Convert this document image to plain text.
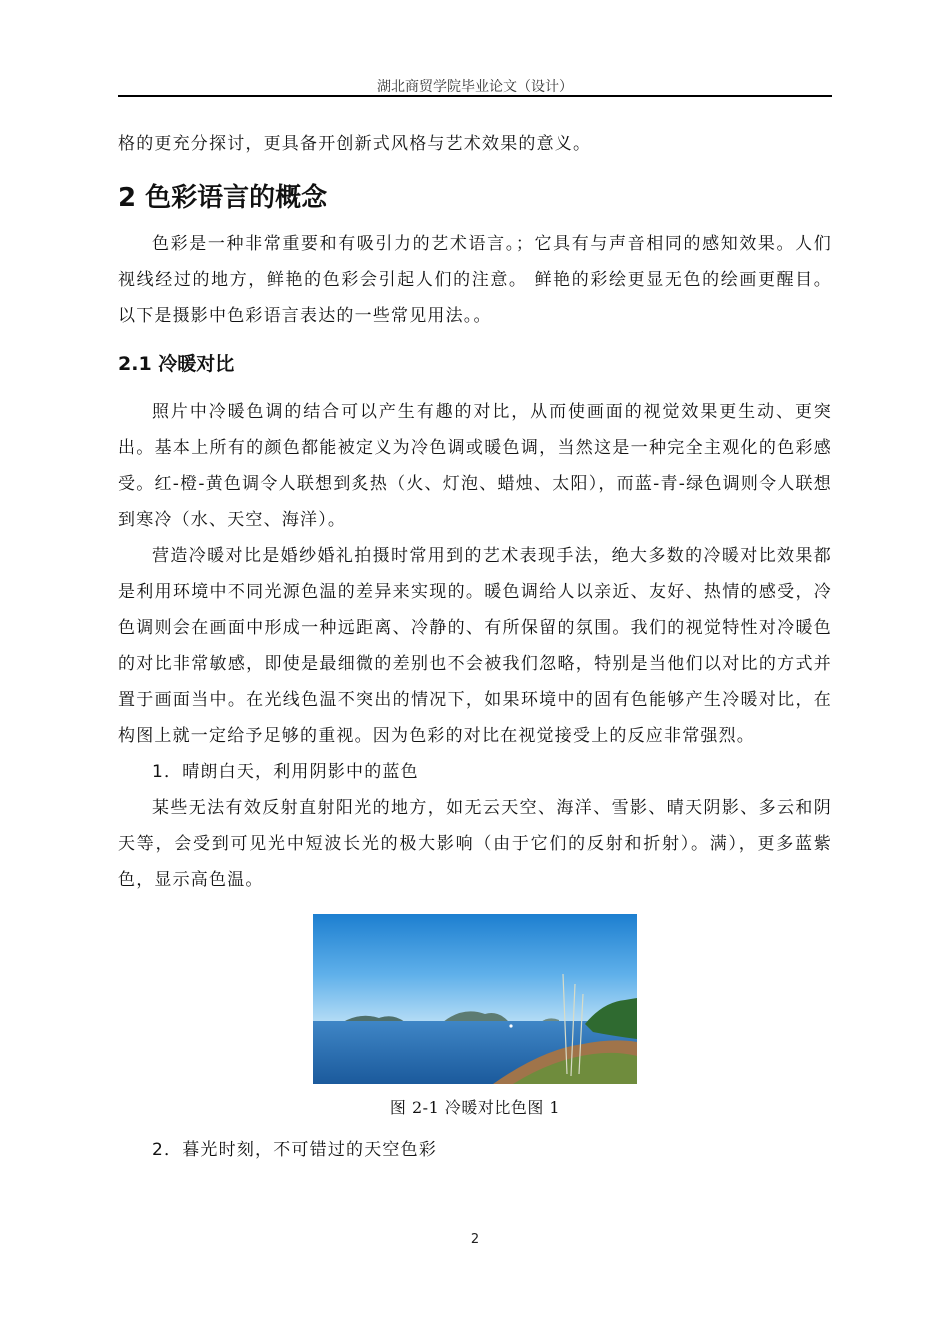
湖北商贸学院毕业论文（设计）

格的更充分探讨，更具备开创新式风格与艺术效果的意义。

2 色彩语言的概念

色彩是一种非常重要和有吸引力的艺术语言。；它具有与声音相同的感知效果。人们视线经过的地方，鲜艳的色彩会引起人们的注意。 鲜艳的彩绘更显无色的绘画更醒目。 以下是摄影中色彩语言表达的一些常见用法。。

2.1 冷暖对比

照片中冷暖色调的结合可以产生有趣的对比，从而使画面的视觉效果更生动、更突出。基本上所有的颜色都能被定义为冷色调或暖色调，当然这是一种完全主观化的色彩感受。红-橙-黄色调令人联想到炙热（火、灯泡、蜡烛、太阳），而蓝-青-绿色调则令人联想到寒冷（水、天空、海洋）。

营造冷暖对比是婚纱婚礼拍摄时常用到的艺术表现手法，绝大多数的冷暖对比效果都是利用环境中不同光源色温的差异来实现的。暖色调给人以亲近、友好、热情的感受，冷色调则会在画面中形成一种远距离、冷静的、有所保留的氛围。我们的视觉特性对冷暖色的对比非常敏感，即使是最细微的差别也不会被我们忽略，特别是当他们以对比的方式并置于画面当中。在光线色温不突出的情况下，如果环境中的固有色能够产生冷暖对比，在构图上就一定给予足够的重视。因为色彩的对比在视觉接受上的反应非常强烈。

1．晴朗白天，利用阴影中的蓝色

某些无法有效反射直射阳光的地方，如无云天空、海洋、雪影、晴天阴影、多云和阴天等，会受到可见光中短波长光的极大影响（由于它们的反射和折射）。满），更多蓝紫色，显示高色温。

图 2-1 冷暖对比色图 1

2．暮光时刻，不可错过的天空色彩

2
